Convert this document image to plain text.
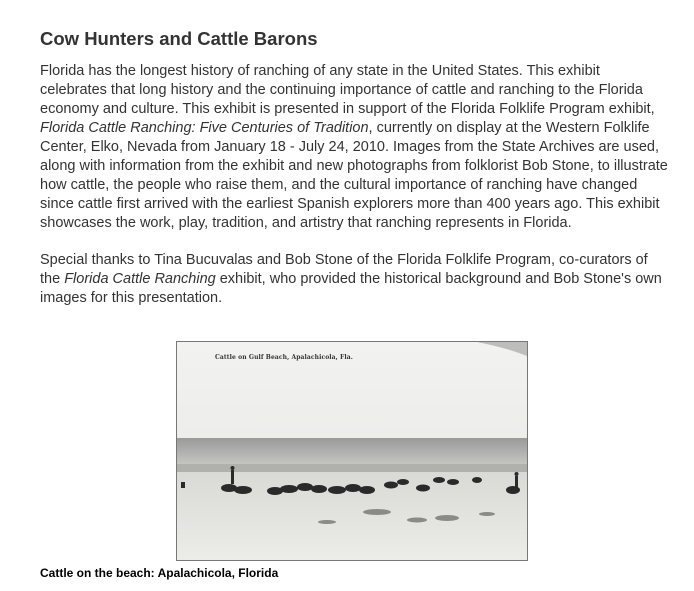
Cow Hunters and Cattle Barons

Florida has the longest history of ranching of any state in the United States. This exhibit celebrates that long history and the continuing importance of cattle and ranching to the Florida economy and culture. This exhibit is presented in support of the Florida Folklife Program exhibit, Florida Cattle Ranching: Five Centuries of Tradition, currently on display at the Western Folklife Center, Elko, Nevada from January 18 - July 24, 2010. Images from the State Archives are used, along with information from the exhibit and new photographs from folklorist Bob Stone, to illustrate how cattle, the people who raise them, and the cultural importance of ranching have changed since cattle first arrived with the earliest Spanish explorers more than 400 years ago. This exhibit showcases the work, play, tradition, and artistry that ranching represents in Florida.

Special thanks to Tina Bucuvalas and Bob Stone of the Florida Folklife Program, co-curators of the Florida Cattle Ranching exhibit, who provided the historical background and Bob Stone's own images for this presentation.

Cattle on Gulf Beach, Apalachicola, Fla.
Cattle on the beach: Apalachicola, Florida
